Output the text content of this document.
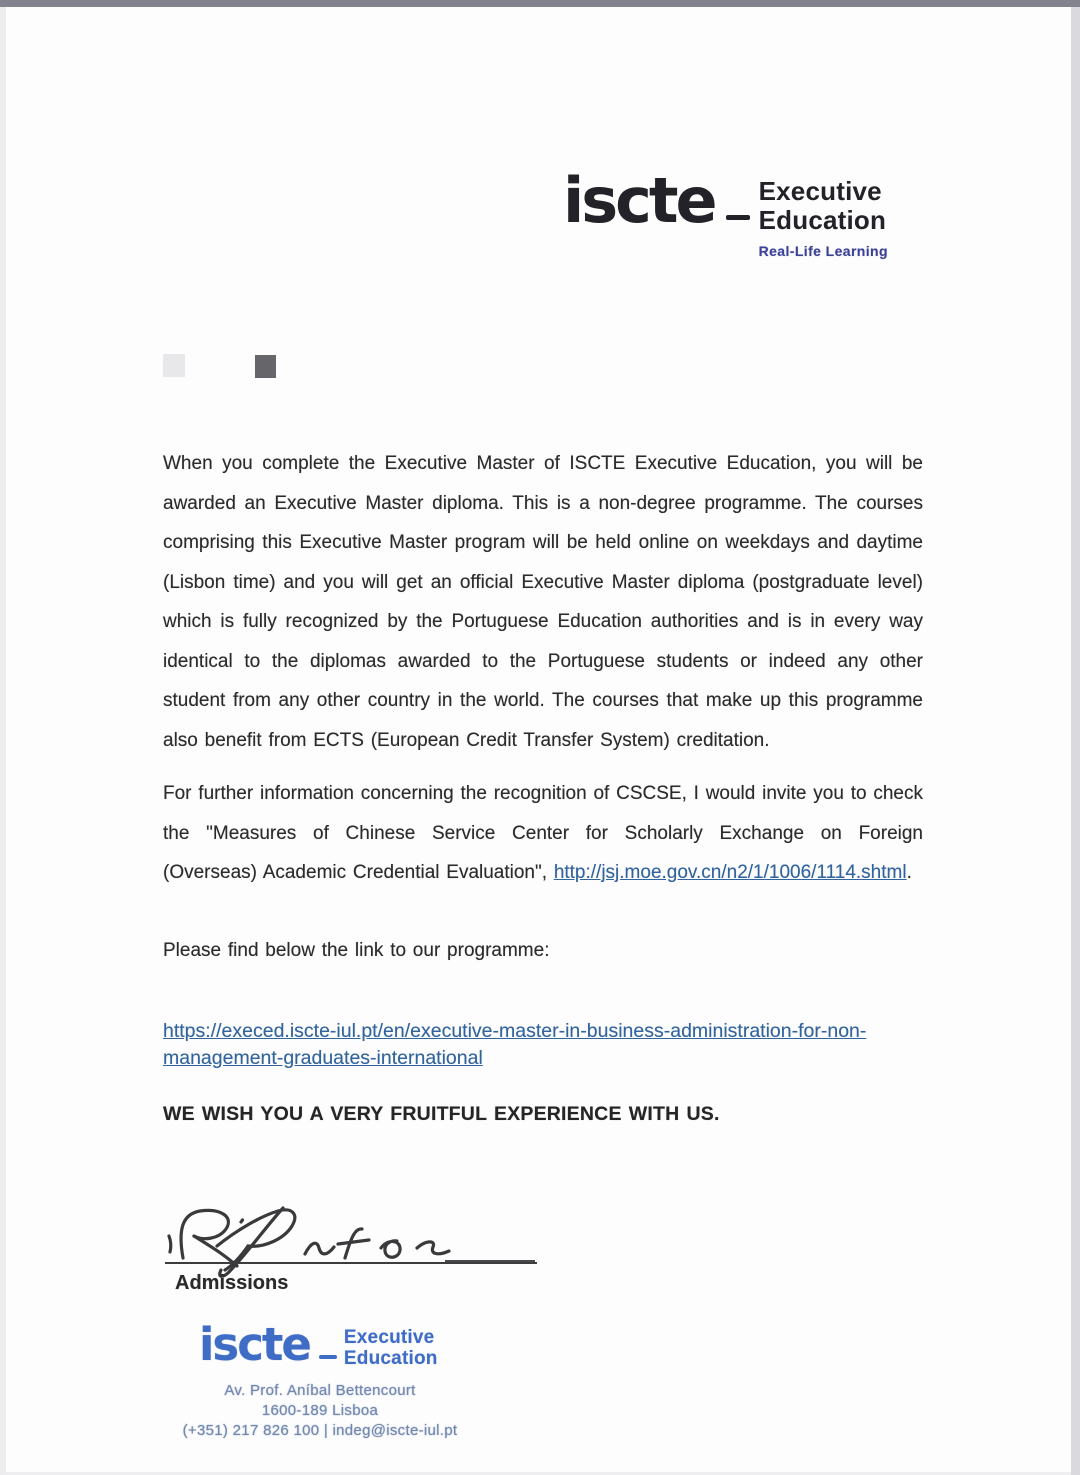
iscte Executive
Education
Real-Life Learning

When you complete the Executive Master of ISCTE Executive Education, you will be awarded an Executive Master diploma. This is a non-degree programme. The courses comprising this Executive Master program will be held online on weekdays and daytime (Lisbon time) and you will get an official Executive Master diploma (postgraduate level) which is fully recognized by the Portuguese Education authorities and is in every way identical to the diplomas awarded to the Portuguese students or indeed any other student from any other country in the world. The courses that make up this programme also benefit from ECTS (European Credit Transfer System) creditation.

For further information concerning the recognition of CSCSE, I would invite you to check the "Measures of Chinese Service Center for Scholarly Exchange on Foreign (Overseas) Academic Credential Evaluation", http://jsj.moe.gov.cn/n2/1/1006/1114.shtml.

Please find below the link to our programme:

https://execed.iscte-iul.pt/en/executive-master-in-business-administration-for-non-management-graduates-international

WE WISH YOU A VERY FRUITFUL EXPERIENCE WITH US.

Admissions
iscte Executive
Education
Av. Prof. Aníbal Bettencourt
1600-189 Lisboa
(+351) 217 826 100 | indeg@iscte-iul.pt
